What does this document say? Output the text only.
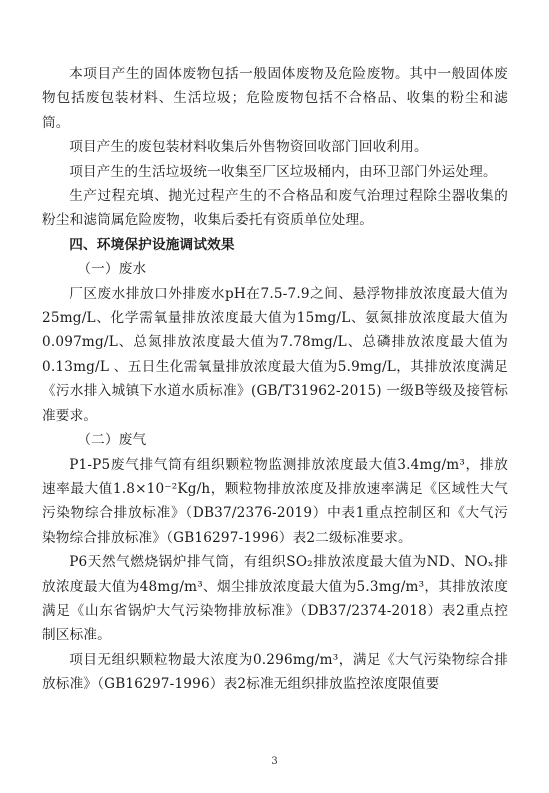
本项目产生的固体废物包括一般固体废物及危险废物。其中一般固体废物包括废包装材料、生活垃圾；危险废物包括不合格品、收集的粉尘和滤筒。

项目产生的废包装材料收集后外售物资回收部门回收利用。

项目产生的生活垃圾统一收集至厂区垃圾桶内，由环卫部门外运处理。

生产过程充填、抛光过程产生的不合格品和废气治理过程除尘器收集的粉尘和滤筒属危险废物，收集后委托有资质单位处理。

四、环境保护设施调试效果

（一）废水

厂区废水排放口外排废水pH在7.5-7.9之间、悬浮物排放浓度最大值为25mg/L、化学需氧量排放浓度最大值为15mg/L、氨氮排放浓度最大值为0.097mg/L、总氮排放浓度最大值为7.78mg/L、总磷排放浓度最大值为0.13mg/L 、五日生化需氧量排放浓度最大值为5.9mg/L，其排放浓度满足《污水排入城镇下水道水质标准》(GB/T31962-2015) 一级B等级及接管标准要求。

（二）废气

P1-P5废气排气筒有组织颗粒物监测排放浓度最大值3.4mg/m³，排放速率最大值1.8×10⁻²Kg/h，颗粒物排放浓度及排放速率满足《区域性大气污染物综合排放标准》（DB37/2376-2019）中表1重点控制区和《大气污染物综合排放标准》（GB16297-1996）表2二级标准要求。

P6天然气燃烧锅炉排气筒，有组织SO₂排放浓度最大值为ND、NOₓ排放浓度最大值为48mg/m³、烟尘排放浓度最大值为5.3mg/m³，其排放浓度满足《山东省锅炉大气污染物排放标准》（DB37/2374-2018）表2重点控制区标准。

项目无组织颗粒物最大浓度为0.296mg/m³，满足《大气污染物综合排放标准》（GB16297-1996）表2标准无组织排放监控浓度限值要

3
